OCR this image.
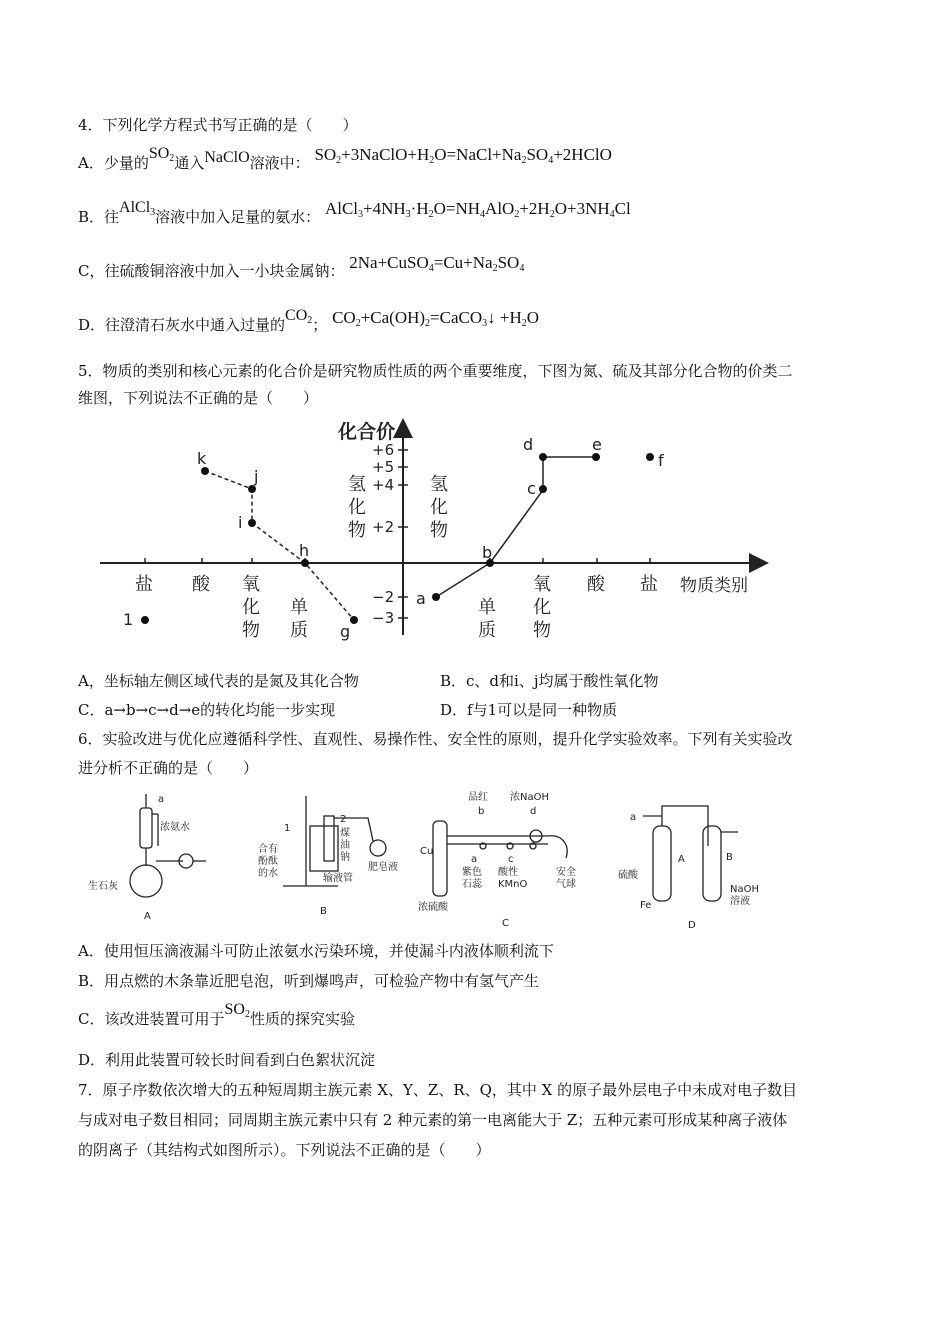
4．下列化学方程式书写正确的是（　　）
A．少量的$SO_2$通入NaClO溶液中： $SO_2+3NaClO+H_2O=NaCl+Na_2SO_4+2HClO$
B．往AlCl$_3$溶液中加入足量的氨水： $AlCl_3+4NH_3\cdot H_2O=NH_4AlO_2+2H_2O+3NH_4Cl$
C，往硫酸铜溶液中加入一小块金属钠： $2Na+CuSO_4=Cu+Na_2SO_4$
D．往澄清石灰水中通入过量的$CO_2$； $CO_2+Ca(OH)_2=CaCO_3↓ +H_2O$
5．物质的类别和核心元素的化合价是研究物质性质的两个重要维度，下图为氮、硫及其部分化合物的价类二
维图，下列说法不正确的是（　　）
化合价
物质类别
+6
+5
+4
+2
−2
−3
盐 酸 氧
化
物
单
质
单
质
氧
化
物
酸 盐
氢
化
物
氢
化
物
k
j
i
h
g
1
a
b
c
d	e
f
A，坐标轴左侧区域代表的是氮及其化合物	B．c、d和i、j均属于酸性氧化物
C．a→b→c→d→e的转化均能一步实现	D．f与1可以是同一种物质
6．实验改进与优化应遵循科学性、直观性、易操作性、安全性的原则，提升化学实验效率。下列有关实验改
进分析不正确的是（　　）
a
浓氨水
生石灰
A
1
2
煤
油
钠
合有
酚酞
的水
肥皂液
输液管
B
品红 浓NaOH
b	d
Cu
a	c
紫色
石蕊
酸性
KMnO
安全
气球
浓硫酸
C
a
A	B
硫酸
Fe
NaOH
溶液
D
A．使用恒压滴液漏斗可防止浓氨水污染环境，并使漏斗内液体顺利流下
B．用点燃的木条靠近肥皂泡，听到爆鸣声，可检验产物中有氢气产生
C．该改进装置可用于$SO_2$性质的探究实验
D．利用此装置可较长时间看到白色絮状沉淀
7．原子序数依次增大的五种短周期主族元素 X、Y、Z、R、Q，其中 X 的原子最外层电子中未成对电子数目
与成对电子数目相同；同周期主族元素中只有 2 种元素的第一电离能大于 Z；五种元素可形成某种离子液体
的阴离子（其结构式如图所示）。下列说法不正确的是（　　）
